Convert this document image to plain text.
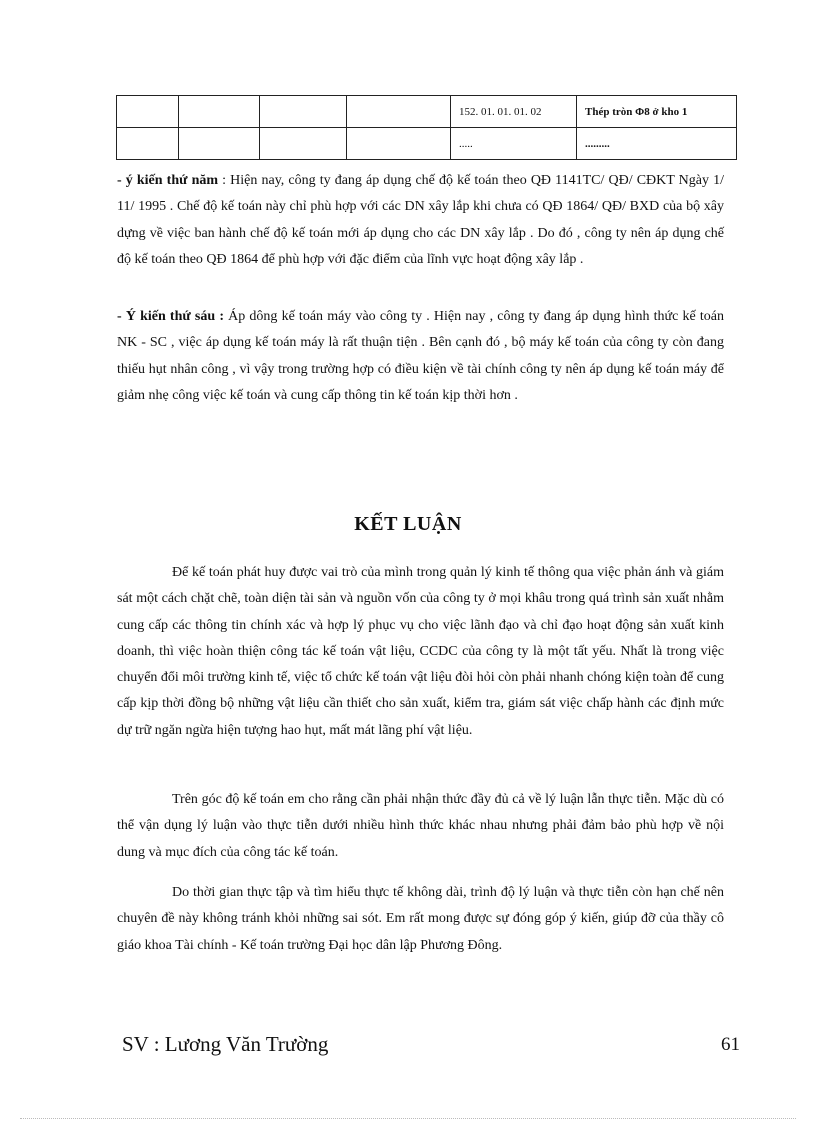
				152. 01. 01. 01. 02	Thép tròn Φ8 ở kho 1
				.....	.........

- ý kiến thứ năm : Hiện nay, công ty đang áp dụng chế độ kế toán theo QĐ 1141TC/ QĐ/ CĐKT Ngày 1/ 11/ 1995 . Chế độ kế toán này chỉ phù hợp với các DN xây lắp khi chưa có QĐ 1864/ QĐ/ BXD của bộ xây dựng về việc ban hành chế độ kế toán mới áp dụng cho các DN xây lắp . Do đó , công ty nên áp dụng chế độ kế toán theo QĐ 1864 để phù hợp với đặc điểm của lĩnh vực hoạt động xây lắp .

- Ý kiến thứ sáu : Áp dông kế toán máy vào công ty . Hiện nay , công ty đang áp dụng hình thức kế toán NK - SC , việc áp dụng kế toán máy là rất thuận tiện . Bên cạnh đó , bộ máy kế toán của công ty còn đang thiếu hụt nhân công , vì vậy trong trường hợp có điều kiện về tài chính công ty nên áp dụng kế toán máy để giảm nhẹ công việc kế toán và cung cấp thông tin kế toán kịp thời hơn .

KẾT LUẬN

Để kế toán phát huy được vai trò của mình trong quản lý kinh tế thông qua việc phản ánh và giám sát một cách chặt chẽ, toàn diện tài sản và nguồn vốn của công ty ở mọi khâu trong quá trình sản xuất nhằm cung cấp các thông tin chính xác và hợp lý phục vụ cho việc lãnh đạo và chỉ đạo hoạt động sản xuất kinh doanh, thì việc hoàn thiện công tác kế toán vật liệu, CCDC của công ty là một tất yếu. Nhất là trong việc chuyển đổi môi trường kinh tế, việc tổ chức kế toán vật liệu đòi hỏi còn phải nhanh chóng kiện toàn để cung cấp kịp thời đồng bộ những vật liệu cần thiết cho sản xuất, kiểm tra, giám sát việc chấp hành các định mức dự trữ ngăn ngừa hiện tượng hao hụt, mất mát lãng phí vật liệu.

Trên góc độ kế toán em cho rằng cần phải nhận thức đầy đủ cả về lý luận lẫn thực tiễn. Mặc dù có thể vận dụng lý luận vào thực tiễn dưới nhiều hình thức khác nhau nhưng phải đảm bảo phù hợp về nội dung và mục đích của công tác kế toán.

Do thời gian thực tập và tìm hiểu thực tế không dài, trình độ lý luận và thực tiễn còn hạn chế nên chuyên đề này không tránh khỏi những sai sót. Em rất mong được sự đóng góp ý kiến, giúp đỡ của thầy cô giáo khoa Tài chính - Kế toán trường Đại học dân lập Phương Đông.

SV : Lương Văn Trường	61
